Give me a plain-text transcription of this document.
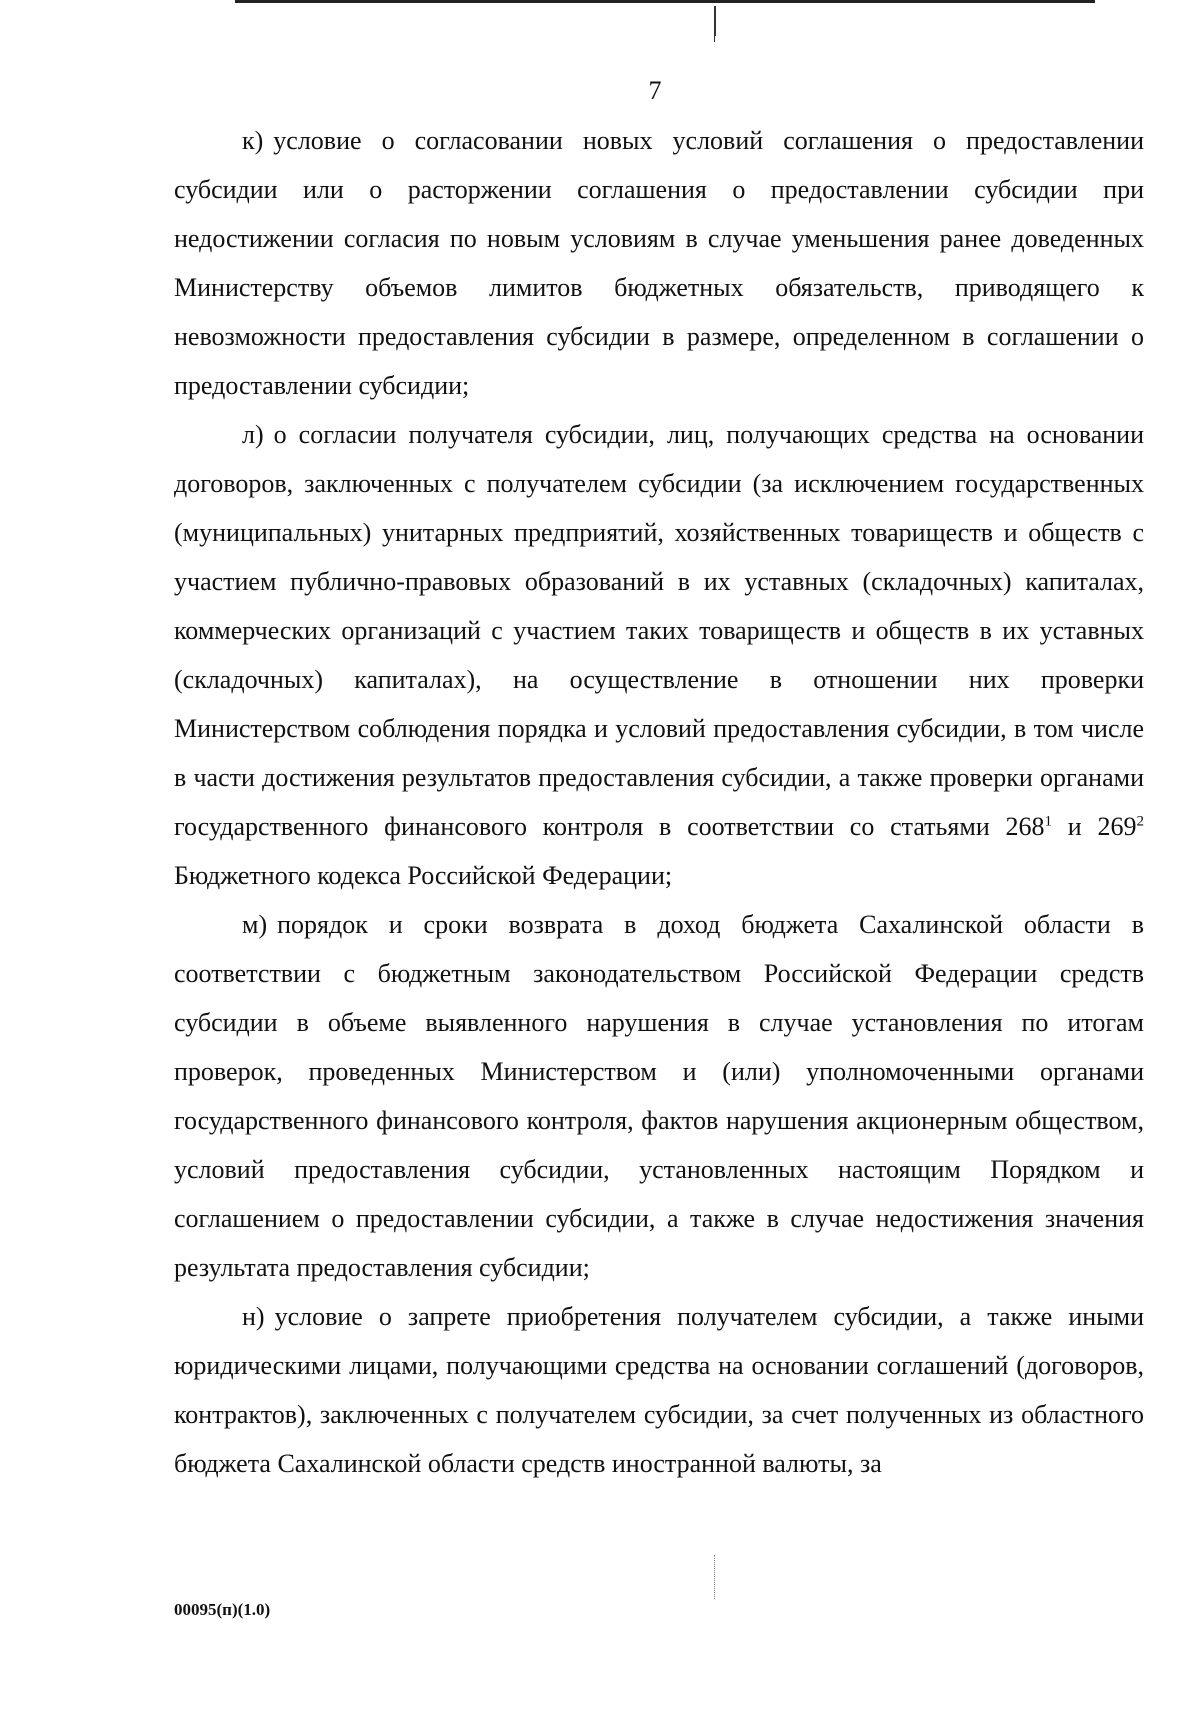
7

к) условие о согласовании новых условий соглашения о предоставлении субсидии или о расторжении соглашения о предоставлении субсидии при недостижении согласия по новым условиям в случае уменьшения ранее доведенных Министерству объемов лимитов бюджетных обязательств, приводящего к невозможности предоставления субсидии в размере, определенном в соглашении о предоставлении субсидии;

л) о согласии получателя субсидии, лиц, получающих средства на основании договоров, заключенных с получателем субсидии (за исключением государственных (муниципальных) унитарных предприятий, хозяйственных товариществ и обществ с участием публично-правовых образований в их уставных (складочных) капиталах, коммерческих организаций с участием таких товариществ и обществ в их уставных (складочных) капиталах), на осуществление в отношении них проверки Министерством соблюдения порядка и условий предоставления субсидии, в том числе в части достижения результатов предоставления субсидии, а также проверки органами государственного финансового контроля в соответствии со статьями $268^1$ и $269^2$ Бюджетного кодекса Российской Федерации;

м) порядок и сроки возврата в доход бюджета Сахалинской области в соответствии с бюджетным законодательством Российской Федерации средств субсидии в объеме выявленного нарушения в случае установления по итогам проверок, проведенных Министерством и (или) уполномоченными органами государственного финансового контроля, фактов нарушения акционерным обществом, условий предоставления субсидии, установленных настоящим Порядком и соглашением о предоставлении субсидии, а также в случае недостижения значения результата предоставления субсидии;

н) условие о запрете приобретения получателем субсидии, а также иными юридическими лицами, получающими средства на основании соглашений (договоров, контрактов), заключенных с получателем субсидии, за счет полученных из областного бюджета Сахалинской области средств иностранной валюты, за

00095(п)(1.0)
